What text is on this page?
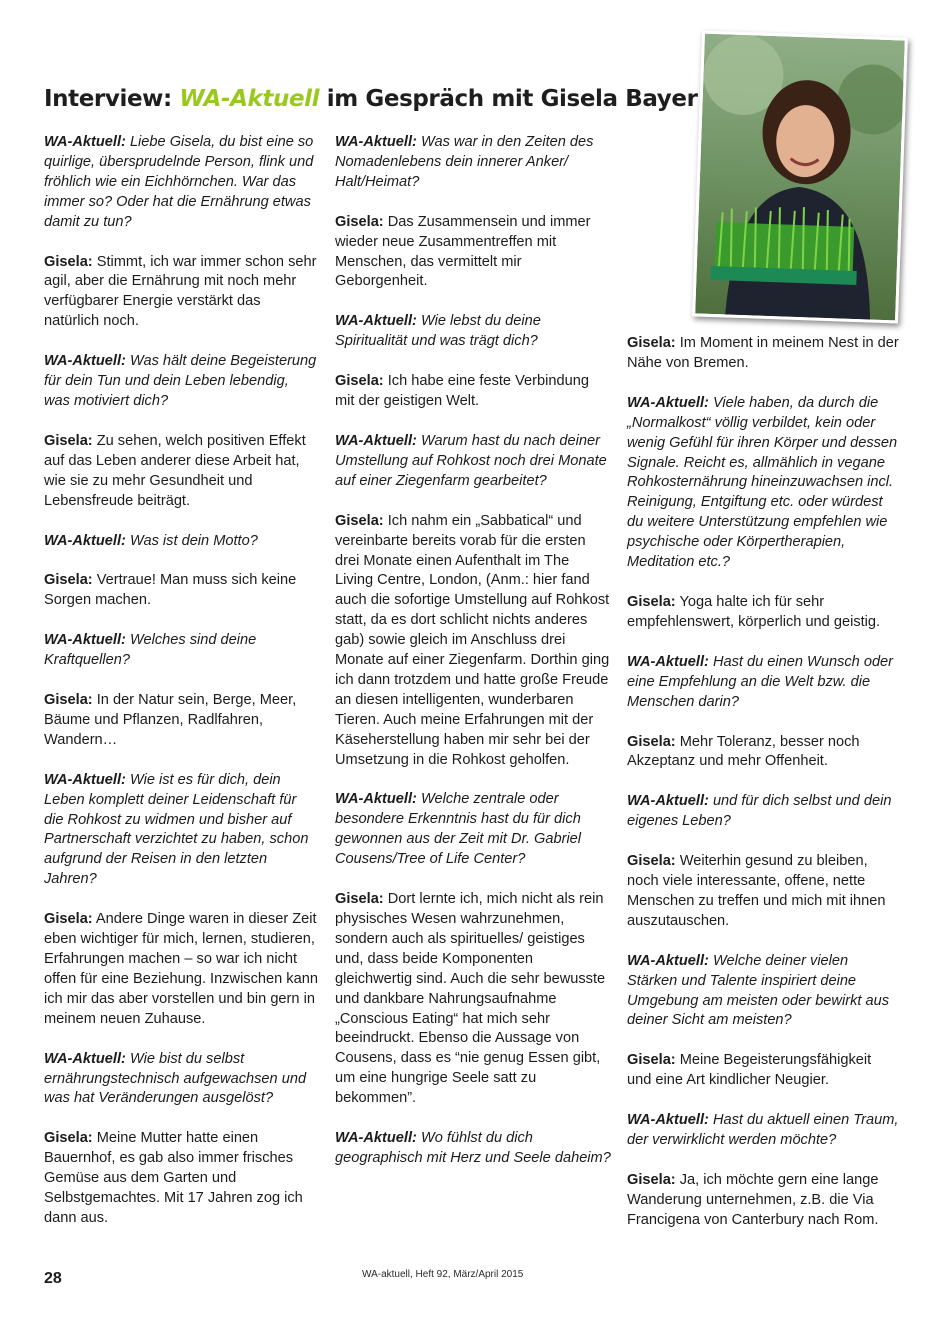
Interview: WA-Aktuell im Gespräch mit Gisela Bayer

WA-Aktuell: Liebe Gisela, du bist eine so quirlige, übersprudelnde Person, flink und fröhlich wie ein Eichhörnchen. War das immer so? Oder hat die Ernährung etwas damit zu tun?

Gisela: Stimmt, ich war immer schon sehr agil, aber die Ernährung mit noch mehr verfügbarer Energie verstärkt das natürlich noch.

WA-Aktuell: Was hält deine Begeisterung für dein Tun und dein Leben lebendig, was motiviert dich?

Gisela: Zu sehen, welch positiven Effekt auf das Leben anderer diese Arbeit hat, wie sie zu mehr Gesundheit und Lebensfreude beiträgt.

WA-Aktuell: Was ist dein Motto?

Gisela: Vertraue! Man muss sich keine Sorgen machen.

WA-Aktuell: Welches sind deine Kraftquellen?

Gisela: In der Natur sein, Berge, Meer, Bäume und Pflanzen, Radlfahren, Wandern…

WA-Aktuell: Wie ist es für dich, dein Leben komplett deiner Leidenschaft für die Rohkost zu widmen und bisher auf Partnerschaft verzichtet zu haben, schon aufgrund der Reisen in den letzten Jahren?

Gisela: Andere Dinge waren in dieser Zeit eben wichtiger für mich, lernen, studieren, Erfahrungen machen – so war ich nicht offen für eine Beziehung. Inzwischen kann ich mir das aber vorstellen und bin gern in meinem neuen Zuhause.

WA-Aktuell: Wie bist du selbst ernährungstechnisch aufgewachsen und was hat Veränderungen ausgelöst?

Gisela: Meine Mutter hatte einen Bauernhof, es gab also immer frisches Gemüse aus dem Garten und Selbstgemachtes. Mit 17 Jahren zog ich dann aus.

WA-Aktuell: Was war in den Zeiten des Nomadenlebens dein innerer Anker/ Halt/Heimat?

Gisela: Das Zusammensein und immer wieder neue Zusammentreffen mit Menschen, das vermittelt mir Geborgenheit.

WA-Aktuell: Wie lebst du deine Spiritualität und was trägt dich?

Gisela: Ich habe eine feste Verbindung mit der geistigen Welt.

WA-Aktuell: Warum hast du nach deiner Umstellung auf Rohkost noch drei Monate auf einer Ziegenfarm gearbeitet?

Gisela: Ich nahm ein „Sabbatical“ und vereinbarte bereits vorab für die ersten drei Monate einen Aufenthalt im The Living Centre, London, (Anm.: hier fand auch die sofortige Umstellung auf Rohkost statt, da es dort schlicht nichts anderes gab) sowie gleich im Anschluss drei Monate auf einer Ziegenfarm. Dorthin ging ich dann trotzdem und hatte große Freude an diesen intelligenten, wunderbaren Tieren. Auch meine Erfahrungen mit der Käseherstellung haben mir sehr bei der Umsetzung in die Rohkost geholfen.

WA-Aktuell: Welche zentrale oder besondere Erkenntnis hast du für dich gewonnen aus der Zeit mit Dr. Gabriel Cousens/Tree of Life Center?

Gisela: Dort lernte ich, mich nicht als rein physisches Wesen wahrzunehmen, sondern auch als spirituelles/ geistiges und, dass beide Komponenten gleichwertig sind. Auch die sehr bewusste und dankbare Nahrungsaufnahme „Conscious Eating“ hat mich sehr beeindruckt. Ebenso die Aussage von Cousens, dass es “nie genug Essen gibt, um eine hungrige Seele satt zu bekommen”.

WA-Aktuell: Wo fühlst du dich geographisch mit Herz und Seele daheim?

Gisela: Im Moment in meinem Nest in der Nähe von Bremen.

WA-Aktuell: Viele haben, da durch die „Normalkost“ völlig verbildet, kein oder wenig Gefühl für ihren Körper und dessen Signale. Reicht es, allmählich in vegane Rohkosternährung hineinzuwachsen incl. Reinigung, Entgiftung etc. oder würdest du weitere Unterstützung empfehlen wie psychische oder Körpertherapien, Meditation etc.?

Gisela: Yoga halte ich für sehr empfehlenswert, körperlich und geistig.

WA-Aktuell: Hast du einen Wunsch oder eine Empfehlung an die Welt bzw. die Menschen darin?

Gisela: Mehr Toleranz, besser noch Akzeptanz und mehr Offenheit.

WA-Aktuell: und für dich selbst und dein eigenes Leben?

Gisela: Weiterhin gesund zu bleiben, noch viele interessante, offene, nette Menschen zu treffen und mich mit ihnen auszutauschen.

WA-Aktuell: Welche deiner vielen Stärken und Talente inspiriert deine Umgebung am meisten oder bewirkt aus deiner Sicht am meisten?

Gisela: Meine Begeisterungsfähigkeit und eine Art kindlicher Neugier.

WA-Aktuell: Hast du aktuell einen Traum, der verwirklicht werden möchte?

Gisela: Ja, ich möchte gern eine lange Wanderung unternehmen, z.B. die Via Francigena von Canterbury nach Rom.

28	WA-aktuell, Heft 92, März/April 2015
